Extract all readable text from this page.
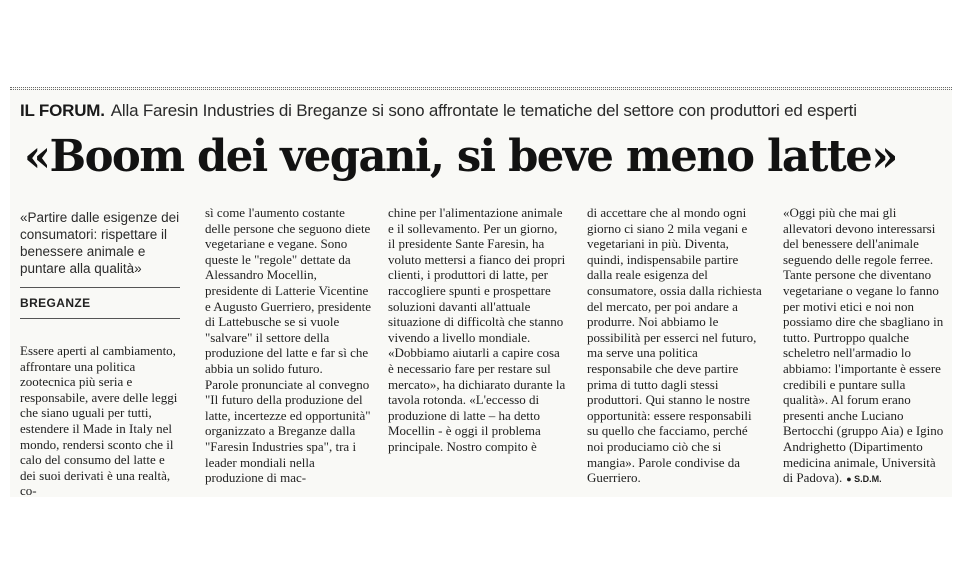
IL FORUM. Alla Faresin Industries di Breganze si sono affrontate le tematiche del settore con produttori ed esperti
«Boom dei vegani, si beve meno latte»
«Partire dalle esigenze dei consumatori: rispettare il benessere animale e puntare alla qualità»
BREGANZE
Essere aperti al cambiamento, affrontare una politica zootecnica più seria e responsabile, avere delle leggi che siano uguali per tutti, estendere il Made in Italy nel mondo, rendersi sconto che il calo del consumo del latte e dei suoi derivati è una realtà, co-

sì come l'aumento costante delle persone che seguono diete vegetariane e vegane. Sono queste le "regole" dettate da Alessandro Mocellin, presidente di Latterie Vicentine e Augusto Guerriero, presidente di Lattebusche se si vuole "salvare" il settore della produzione del latte e far sì che abbia un solido futuro.

Parole pronunciate al convegno "Il futuro della produzione del latte, incertezze ed opportunità" organizzato a Breganze dalla "Faresin Industries spa", tra i leader mondiali nella produzione di mac-

chine per l'alimentazione animale e il sollevamento. Per un giorno, il presidente Sante Faresin, ha voluto mettersi a fianco dei propri clienti, i produttori di latte, per raccogliere spunti e prospettare soluzioni davanti all'attuale situazione di difficoltà che stanno vivendo a livello mondiale. «Dobbiamo aiutarli a capire cosa è necessario fare per restare sul mercato», ha dichiarato durante la tavola rotonda. «L'eccesso di produzione di latte – ha detto Mocellin - è oggi il problema principale. Nostro compito è

di accettare che al mondo ogni giorno ci siano 2 mila vegani e vegetariani in più. Diventa, quindi, indispensabile partire dalla reale esigenza del consumatore, ossia dalla richiesta del mercato, per poi andare a produrre. Noi abbiamo le possibilità per esserci nel futuro, ma serve una politica responsabile che deve partire prima di tutto dagli stessi produttori. Qui stanno le nostre opportunità: essere responsabili su quello che facciamo, perché noi produciamo ciò che si mangia». Parole condivise da Guerriero.

«Oggi più che mai gli allevatori devono interessarsi del benessere dell'animale seguendo delle regole ferree. Tante persone che diventano vegetariane o vegane lo fanno per motivi etici e noi non possiamo dire che sbagliano in tutto. Purtroppo qualche scheletro nell'armadio lo abbiamo: l'importante è essere credibili e puntare sulla qualità». Al forum erano presenti anche Luciano Bertocchi (gruppo Aia) e Igino Andrighetto (Dipartimento medicina animale, Università di Padova). ● S.D.M.
